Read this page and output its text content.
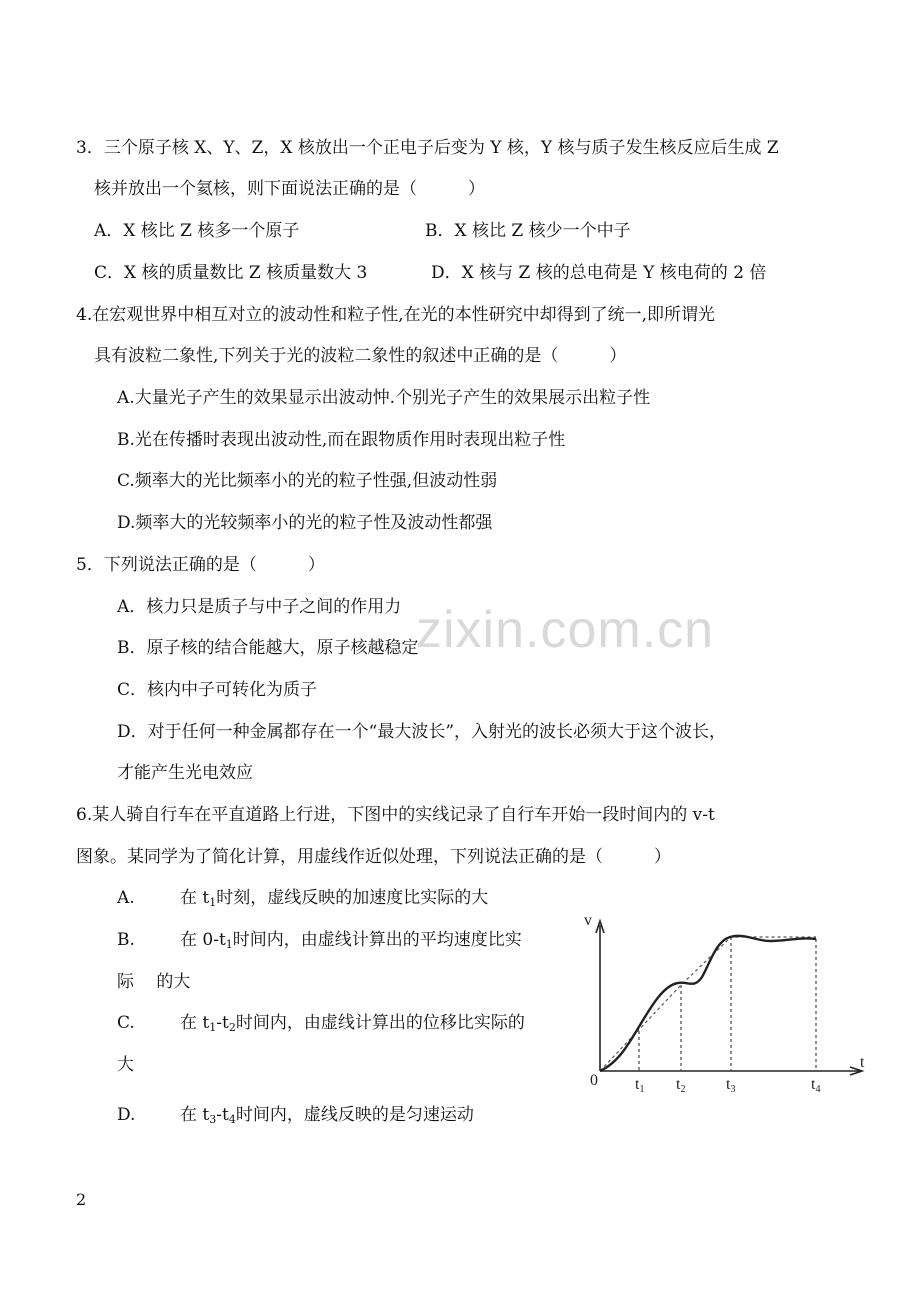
zixin.com.cn
3．三个原子核 X、Y、Z，X 核放出一个正电子后变为 Y 核，Y 核与质子发生核反应后生成 Z
核并放出一个氦核，则下面说法正确的是（　　　）
A．X 核比 Z 核多一个原子	B．X 核比 Z 核少一个中子
C．X 核的质量数比 Z 核质量数大 3	D．X 核与 Z 核的总电荷是 Y 核电荷的 2 倍
4.在宏观世界中相互对立的波动性和粒子性,在光的本性研究中却得到了统一,即所谓光
具有波粒二象性,下列关于光的波粒二象性的叙述中正确的是（　　　）
A.大量光子产生的效果显示出波动忡.个别光子产生的效果展示出粒子性
B.光在传播时表现出波动性,而在跟物质作用时表现出粒子性
C.频率大的光比频率小的光的粒子性强,但波动性弱
D.频率大的光较频率小的光的粒子性及波动性都强
5．下列说法正确的是（　　　）
A．核力只是质子与中子之间的作用力
B．原子核的结合能越大，原子核越稳定
C．核内中子可转化为质子
D．对于任何一种金属都存在一个“最大波长”，入射光的波长必须大于这个波长，
才能产生光电效应
6.某人骑自行车在平直道路上行进，下图中的实线记录了自行车开始一段时间内的 v-t
图象。某同学为了简化计算，用虚线作近似处理，下列说法正确的是（　　　）
A.	在 $t_1$时刻，虚线反映的加速度比实际的大
B.	在 $0-t_1$时间内，由虚线计算出的平均速度比实
际　 的大
C.	在 $t_1-t_2$时间内，由虚线计算出的位移比实际的
大
D.	在 $t_3-t_4$时间内，虚线反映的是匀速运动
v
t
0 t1 t2	t3	t4
2
